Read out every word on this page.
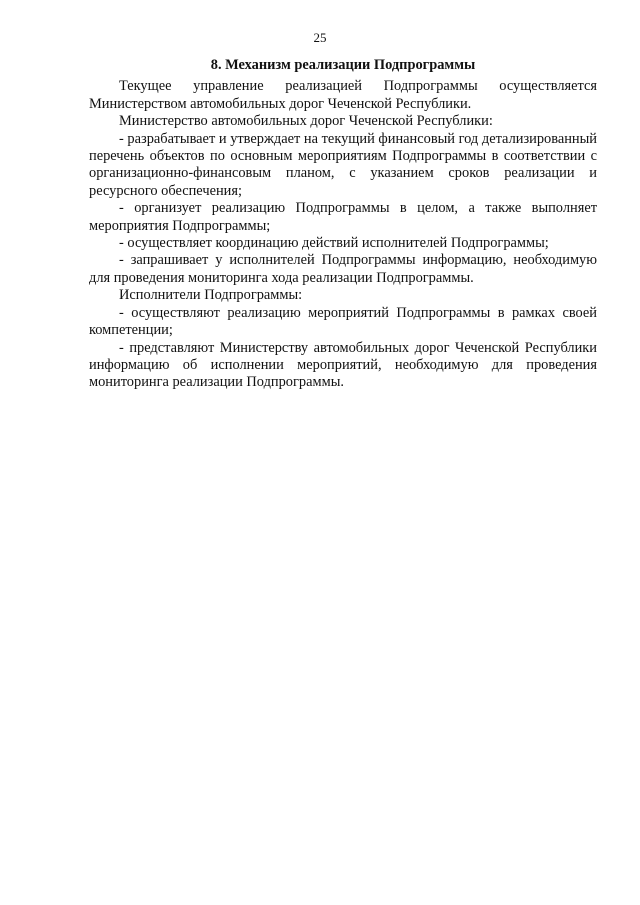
25
8. Механизм реализации Подпрограммы

Текущее управление реализацией Подпрограммы осуществляется Министерством автомобильных дорог Чеченской Республики.

Министерство автомобильных дорог Чеченской Республики:

- разрабатывает и утверждает на текущий финансовый год детализированный перечень объектов по основным мероприятиям Подпрограммы в соответствии с организационно-финансовым планом, с указанием сроков реализации и ресурсного обеспечения;

- организует реализацию Подпрограммы в целом, а также выполняет мероприятия Подпрограммы;

- осуществляет координацию действий исполнителей Подпрограммы;

- запрашивает у исполнителей Подпрограммы информацию, необходимую для проведения мониторинга хода реализации Подпрограммы.

Исполнители Подпрограммы:

- осуществляют реализацию мероприятий Подпрограммы в рамках своей компетенции;

- представляют Министерству автомобильных дорог Чеченской Республики информацию об исполнении мероприятий, необходимую для проведения мониторинга реализации Подпрограммы.
